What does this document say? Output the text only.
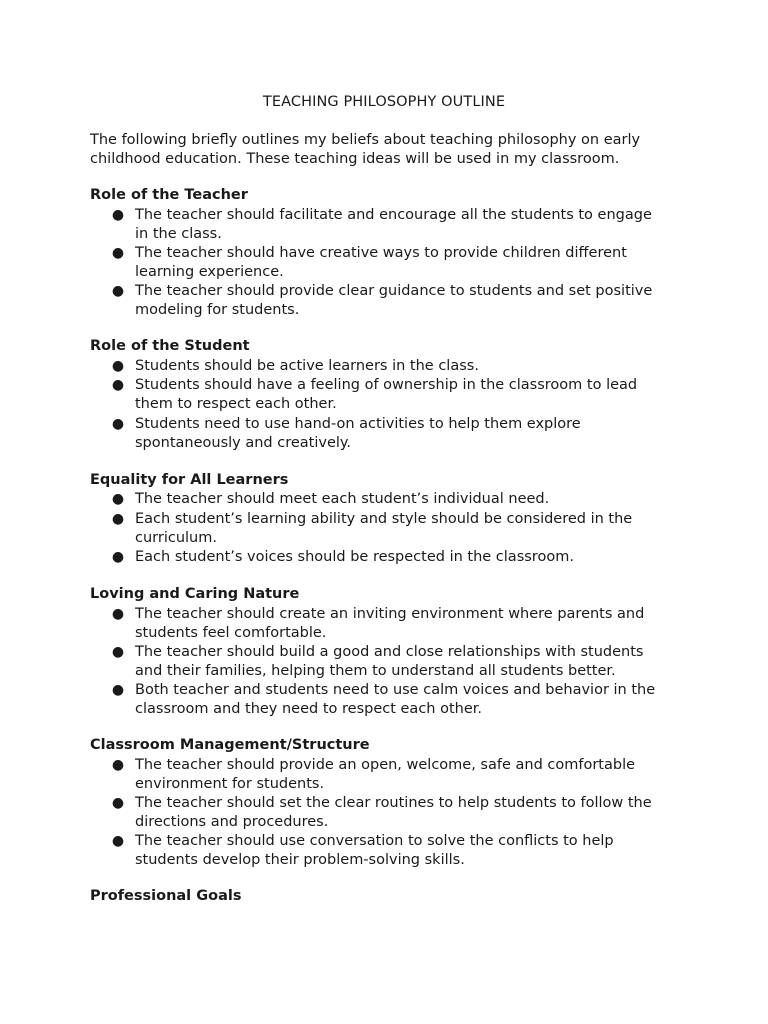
TEACHING PHILOSOPHY OUTLINE
The following briefly outlines my beliefs about teaching philosophy on early
childhood education. These teaching ideas will be used in my classroom.
Role of the Teacher
● The teacher should facilitate and encourage all the students to engage
in the class.
● The teacher should have creative ways to provide children different
learning experience.
● The teacher should provide clear guidance to students and set positive
modeling for students.
Role of the Student
● Students should be active learners in the class.
● Students should have a feeling of ownership in the classroom to lead
them to respect each other.
● Students need to use hand-on activities to help them explore
spontaneously and creatively.
Equality for All Learners
● The teacher should meet each student’s individual need.
● Each student’s learning ability and style should be considered in the
curriculum.
● Each student’s voices should be respected in the classroom.
Loving and Caring Nature
● The teacher should create an inviting environment where parents and
students feel comfortable.
● The teacher should build a good and close relationships with students
and their families, helping them to understand all students better.
● Both teacher and students need to use calm voices and behavior in the
classroom and they need to respect each other.
Classroom Management/Structure
● The teacher should provide an open, welcome, safe and comfortable
environment for students.
● The teacher should set the clear routines to help students to follow the
directions and procedures.
● The teacher should use conversation to solve the conflicts to help
students develop their problem-solving skills.
Professional Goals
